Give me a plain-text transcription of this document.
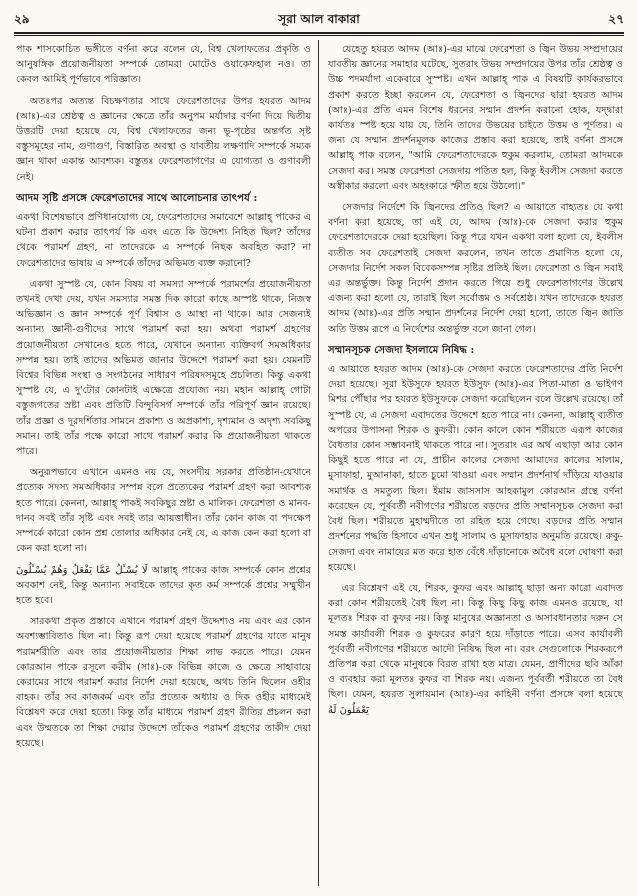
২৯	সূরা আল বাকারা	২৭

পাক শাসকোচিত ভঙ্গীতে বর্ণনা করে বলেন যে, বিশ্ব খেলাফতের প্রকৃতি ও আনুষঙ্গিক প্রয়োজনীয়তা সম্পর্কে তোমরা মোটেও ওয়াকেফহাল নও। তা কেবল আমিই পূর্ণভাবে পরিজ্ঞাত।

অতঃপর অত্যন্ত বিচক্ষণতার সাথে ফেরেশতাদের উপর হযরত আদম (আঃ)-এর শ্রেষ্ঠত্ব ও জ্ঞানের ক্ষেত্রে তাঁর অনুপম মর্যাদার বর্ণনা দিয়ে দ্বিতীয় উত্তরটি দেয়া হয়েছে যে, বিশ্ব খেলাফতের জন্য ভূ-পৃষ্ঠের অন্তর্গত সৃষ্ট বস্তুসমূহের নাম, গুণাগুণ, বিস্তারিত অবস্থা ও যাবতীয় লক্ষণাদি সম্পর্কে সম্যক জ্ঞান থাকা একান্ত আবশ্যক। বস্তুতঃ ফেরেশতাগণের এ যোগ্যতা ও গুণাবলী নেই।

আদম সৃষ্টি প্রসঙ্গে ফেরেশতাদের সাথে আলোচনার তাৎপর্য :

একথা বিশেষভাবে প্রণিধানযোগ্য যে, ফেরেশতাদের সমাবেশে আল্লাহ্ পাকের এ ঘটনা প্রকাশ করার তাৎপর্য কি এবং এতে কি উদ্দেশ্য নিহিত ছিল? তাঁদের থেকে পরামর্শ গ্রহণ, না তাদেরকে এ সম্পর্কে নিছক অবহিত করা? না ফেরেশতাদের ভাষায় এ সম্পর্কে তাঁদের অভিমত ব্যক্ত করানো?

একথা সুস্পষ্ট যে, কোন বিষয় বা সমস্যা সম্পর্কে পরামর্শের প্রয়োজনীয়তা তখনই দেখা দেয়, যখন সমস্যার সমস্ত দিক কারো কাছে অস্পষ্ট থাকে, নিজস্ব অভিজ্ঞান ও জ্ঞান সম্পর্কে পূর্ণ বিশ্বাস ও আস্থা না থাকে। আর সেজন্যই অন্যান্য জ্ঞানী-গুণীদের সাথে পরামর্শ করা হয়। অথবা পরামর্শ গ্রহণের প্রয়োজনীয়তা সেখানেও হতে পারে, যেখানে অন্যান্য ব্যক্তিবর্গ সমঅধিকার সম্পন্ন হয়। তাই তাদের অভিমত জানার উদ্দেশে পরামর্শ করা হয়। যেমনটি বিশ্বের বিভিন্ন সংস্থা ও সংগঠনের সাধারণ পরিষদসমূহে প্রচলিত। কিন্তু একথা সুস্পষ্ট যে, এ দু'টোর কোনটাই এক্ষেত্রে প্রযোজ্য নয়। মহান আল্লাহ্ গোটা বস্তুজগতের স্রষ্টা এবং প্রতিটি বিন্দুবিসর্গ সম্পর্কে তাঁর পরিপূর্ণ জ্ঞান রয়েছে। তাঁর প্রজ্ঞা ও দূরদর্শিতার সামনে প্রকাশ্য ও অপ্রকাশ্য, দৃশ্যমান ও অদৃশ্য সবকিছু সমান। তাই তাঁর পক্ষে কারো সাথে পরামর্শ করার কি প্রয়োজনীয়তা থাকতে পারে।

অনুরূপভাবে এখানে এমনও নয় যে, সংসদীয় সরকার প্রতিষ্ঠান-যেখানে প্রত্যেক সদস্য সমঅধিকার সম্পন্ন বলে প্রত্যেকের পরামর্শ গ্রহণ করা আবশ্যক হতে পারে। কেননা, আল্লাহ্ পাকই সবকিছুর স্রষ্টা ও মালিক। ফেরেশতা ও মানব-দানব সবই তাঁর সৃষ্টি এবং সবই তার আয়ত্তাধীন। তাঁর কোন কাজ বা পদক্ষেপ সম্পর্কে কারো কোন প্রশ্ন তোলার অধিকার নেই যে, এ কাজ কেন করা হলো বা কেন করা হলো না।

لَا يُسْـَٔلُ عَمَّا يَفْعَلُ وَهُمْ يُسْـَٔلُونَ আল্লাহ্ পাকের কাজ সম্পর্কে কোন প্রশ্নের অবকাশ নেই, কিন্তু অন্যান্য সবাইকে তাদের কৃত কর্ম সম্পর্কে প্রশ্নের সম্মুখীন হতে হবে।

সারকথা প্রকৃত প্রস্তাবে এখানে পরামর্শ গ্রহণ উদ্দেশ্যও নয় এবং এর কোন অবশ্যম্ভাবিতাও ছিল না। কিন্তু রূপ দেয়া হয়েছে পরামর্শ গ্রহণের যাতে মানুষ পরামর্শরীতি এবং তার প্রয়োজনীয়তার শিক্ষা লাভ করতে পারে। যেমন কোরআন পাকে রসূলে করীম (সাঃ)-কে বিভিন্ন কাজে ও ক্ষেত্রে সাহাবায়ে কেরামের সাথে পরামর্শ করার নির্দেশ দেয়া হয়েছে, অথচ তিনি ছিলেন ওহীর বাহক। তাঁর সব কাজকর্ম এবং তাঁর প্রত্যেক অধ্যায় ও দিক ওহীর মাধ্যমেই বিশ্লেষণ করে দেয়া হতো। কিন্তু তাঁর মাধ্যমে পরামর্শ গ্রহণ রীতির প্রচলন করা এবং উম্মতকে তা শিক্ষা দেয়ার উদ্দেশে তাঁকেও পরামর্শ গ্রহণের তাকীদ দেয়া হয়েছে।

যেহেতু হযরত আদম (আঃ)-এর মাঝে ফেরেশতা ও জ্বিন উভয় সম্প্রদায়ের যাবতীয় জ্ঞানের সমাহার ঘটেছে, সুতরাং উভয় সম্প্রদায়ের উপর তাঁর শ্রেষ্ঠত্ব ও উচ্চ পদমর্যাদা একেবারে সুস্পষ্ট। এখন আল্লাহ্ পাক এ বিষয়টি কার্যকরভাবে প্রকাশ করতে ইচ্ছা করলেন যে, ফেরেশতা ও জ্বিনদের দ্বারা হযরত আদম (আঃ)-এর প্রতি এমন বিশেষ ধরনের সম্মান প্রদর্শন করানো হোক, যদ্দ্বারা কার্যতঃ স্পষ্ট হয়ে যায় যে, তিনি তাদের উভয়ের চাইতে উত্তম ও পূর্ণতর। এ জন্য যে সম্মান প্রদর্শনমূলক কাজের প্রস্তাব করা হয়েছে, তাই বর্ণনা প্রসঙ্গে আল্লাহ্ পাক বলেন, "আমি ফেরেশতাদেরকে হুকুম করলাম, তোমরা আদমকে সেজদা কর। সমস্ত ফেরেশতা সেজদায় পতিত হল, কিন্তু ইবলীস সেজদা করতে অস্বীকার করলো এবং অহংকারে স্ফীত হয়ে উঠলো।"

সেজদার নির্দেশে কি জ্বিনদের প্রতিও ছিল? এ আয়াতে বাহ্যতঃ যে কথা বর্ণনা করা হয়েছে, তা এই যে, আদম (আঃ)-কে সেজদা করার হুকুম ফেরেশতাদেরকে দেয়া হয়েছিল। কিন্তু পরে যখন একথা বলা হলো যে, ইবলীস ব্যতীত সব ফেরেশতাই সেজদা করলেন, তখন তাতে প্রমাণিত হলো যে, সেজদার নির্দেশ সকল বিবেকসম্পন্ন সৃষ্টির প্রতিই ছিল। ফেরেশতা ও জ্বিন সবাই এর অন্তর্ভুক্ত। কিন্তু নির্দেশ প্রদান করতে গিয়ে শুধু ফেরেশতাগণের উল্লেখ এজন্য করা হলো যে, তারাই ছিল সর্বোত্তম ও সর্বশ্রেষ্ঠ। যখন তাদেরকে হযরত আদম (আঃ)-এর প্রতি সম্মান প্রদর্শনের নির্দেশ দেয়া হলো, তাতে জ্বিন জাতি অতি উত্তম রূপে এ নির্দেশের অন্তর্ভুক্ত বলে জানা গেল।

সম্মানসূচক সেজদা ইসলামে নিষিদ্ধ :

এ আয়াতে হযরত আদম (আঃ)-কে সেজদা করতে ফেরেশতাদের প্রতি নির্দেশ দেয়া হয়েছে। সূরা ইউসুফে হযরত ইউসুফ (আঃ)-এর পিতা-মাতা ও ভাইগণ মিশর পৌঁছার পর হযরত ইউসুফকে সেজদা করেছিলেন বলে উল্লেখ রয়েছে। তাঁ সুস্পষ্ট যে, এ সেজদা এবাদতের উদ্দেশে হতে পারে না। কেননা, আল্লাহ্ ব্যতীত অপরের উপাসনা শিরক ও কুফরী। কোন কালে কোন শরীয়তে এরূপ কাজের বৈধতার কোন সম্ভাবনাই থাকতে পারে না। সুতরাং এর অর্থ এছাড়া আর কোন কিছুই হতে পারে না যে, প্রাচীন কালের সেজদা আমাদের কালের সালাম, মুসাফাহা, মুআনাকা, হাতে চুমো খাওয়া এবং সম্মান প্রদর্শনার্থ দাঁড়িয়ে যাওয়ার সমার্থক ও সমতুল্য ছিল। ইমাম জাসসাস আহকামুল কোরআন গ্রন্থে বর্ণনা করেছেন যে, পূর্ববর্তী নবীগণের শরীয়তে বড়দের প্রতি সম্মানসূচক সেজদা করা বৈধ ছিল। শরীয়তে মুহাম্মদীতে তা রহিত হয়ে গেছে। বড়দের প্রতি সম্মান প্রদর্শনের পদ্ধতি হিসাবে এখন শুধু সালাম ও মুসাফাহার অনুমতি রয়েছে। রুকু-সেজদা এবং নামাযের মত করে হাত বেঁধে দাঁড়ানোকে অবৈধ বলে ঘোষণা করা হয়েছে।

এর বিশ্লেষণ এই যে, শিরক, কুফর এবং আল্লাহ্ ছাড়া অন্য কারো এবাদত করা কোন শরীয়তেই বৈধ ছিল না। কিন্তু কিছু কিছু কাজ এমনও রয়েছে, যা মূলতঃ শিরক বা কুফর নয়। কিন্তু মানুষের অজ্ঞানতা ও অসাবধানতার দরুন সে সমস্ত কার্যাবলী শিরক ও কুফরের কারণ হয়ে দাঁড়াতে পারে। এসব কার্যাবলী পূর্ববর্তী নবীগণের শরীয়তে আদৌ নিষিদ্ধ ছিল না। বরং সেগুলোকে শিরকরূপে প্রতিপন্ন করা থেকে মানুষকে বিরত রাখা হত মাত্র। যেমন, প্রাণীদের ছবি আঁকা ও ব্যবহার করা মূলতঃ কুফর বা শিরক নয়। এজন্য পূর্ববর্তী শরীয়তে তা বৈধ ছিল। যেমন, হযরত সুলায়মান (আঃ)-এর কাহিনী বর্ণনা প্রসঙ্গে বলা হয়েছে يَعْمَلُونَ لَهُ
